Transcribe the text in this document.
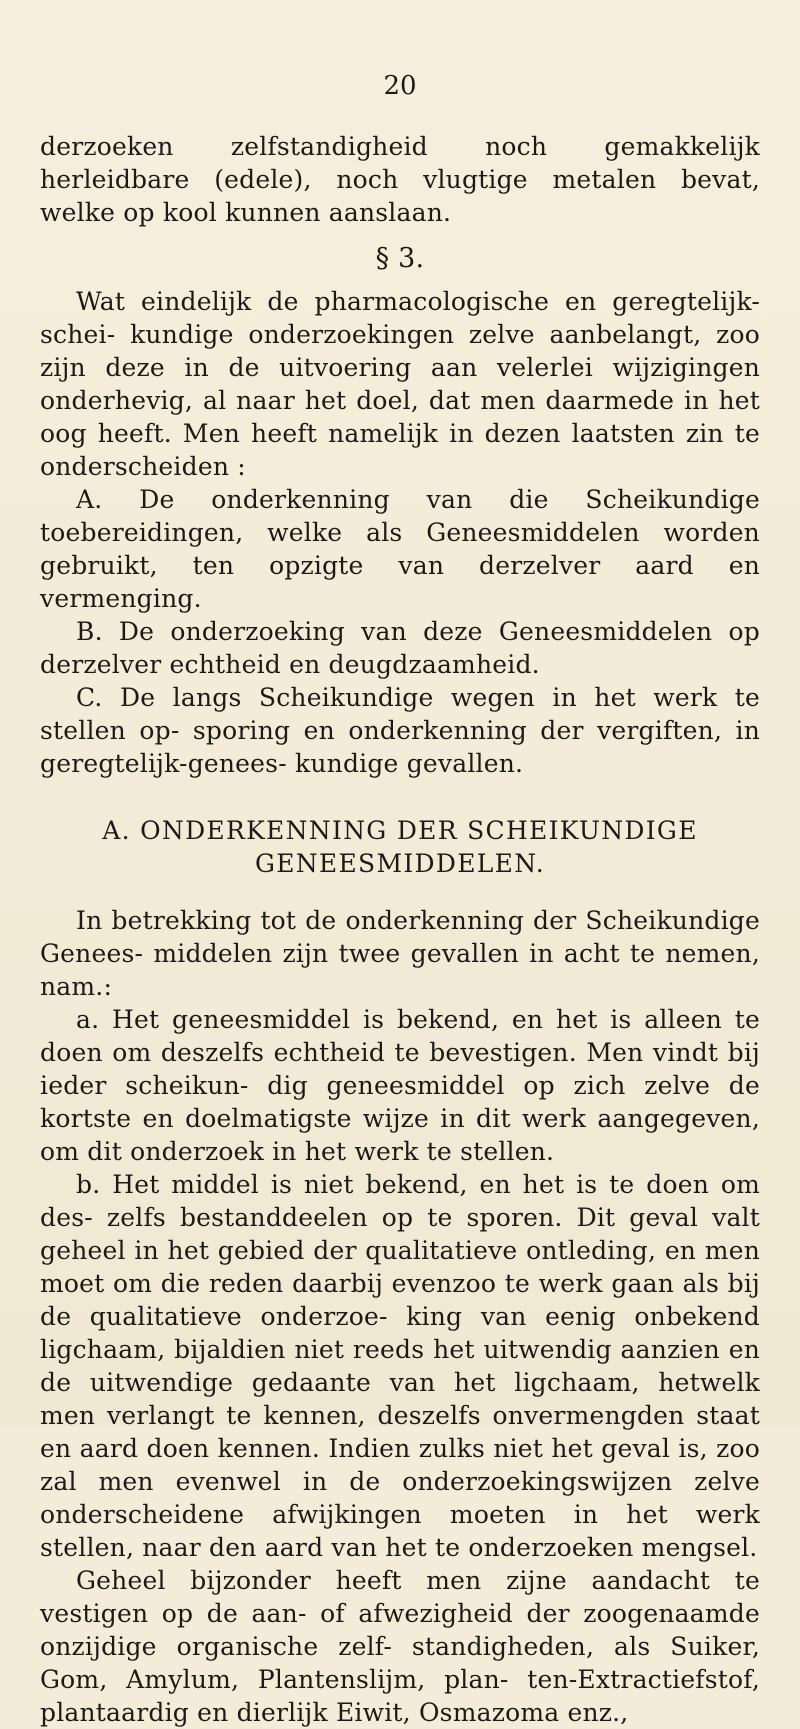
20

derzoeken zelfstandigheid noch gemakkelijk herleidbare (edele), noch vlugtige metalen bevat, welke op kool kunnen aanslaan.

§ 3.

Wat eindelijk de pharmacologische en geregtelijk-schei- kundige onderzoekingen zelve aanbelangt, zoo zijn deze in de uitvoering aan velerlei wijzigingen onderhevig, al naar het doel, dat men daarmede in het oog heeft. Men heeft namelijk in dezen laatsten zin te onderscheiden :

A. De onderkenning van die Scheikundige toebereidingen, welke als Geneesmiddelen worden gebruikt, ten opzigte van derzelver aard en vermenging.

B. De onderzoeking van deze Geneesmiddelen op derzelver echtheid en deugdzaamheid.

C. De langs Scheikundige wegen in het werk te stellen op- sporing en onderkenning der vergiften, in geregtelijk-genees- kundige gevallen.

A. ONDERKENNING DER SCHEIKUNDIGE
GENEESMIDDELEN.

In betrekking tot de onderkenning der Scheikundige Genees- middelen zijn twee gevallen in acht te nemen, nam.:

a. Het geneesmiddel is bekend, en het is alleen te doen om deszelfs echtheid te bevestigen. Men vindt bij ieder scheikun- dig geneesmiddel op zich zelve de kortste en doelmatigste wijze in dit werk aangegeven, om dit onderzoek in het werk te stellen.

b. Het middel is niet bekend, en het is te doen om des- zelfs bestanddeelen op te sporen. Dit geval valt geheel in het gebied der qualitatieve ontleding, en men moet om die reden daarbij evenzoo te werk gaan als bij de qualitatieve onderzoe- king van eenig onbekend ligchaam, bijaldien niet reeds het uitwendig aanzien en de uitwendige gedaante van het ligchaam, hetwelk men verlangt te kennen, deszelfs onvermengden staat en aard doen kennen. Indien zulks niet het geval is, zoo zal men evenwel in de onderzoekingswijzen zelve onderscheidene afwijkingen moeten in het werk stellen, naar den aard van het te onderzoeken mengsel.

Geheel bijzonder heeft men zijne aandacht te vestigen op de aan- of afwezigheid der zoogenaamde onzijdige organische zelf- standigheden, als Suiker, Gom, Amylum, Plantenslijm, plan- ten-Extractiefstof, plantaardig en dierlijk Eiwit, Osmazoma enz.,
